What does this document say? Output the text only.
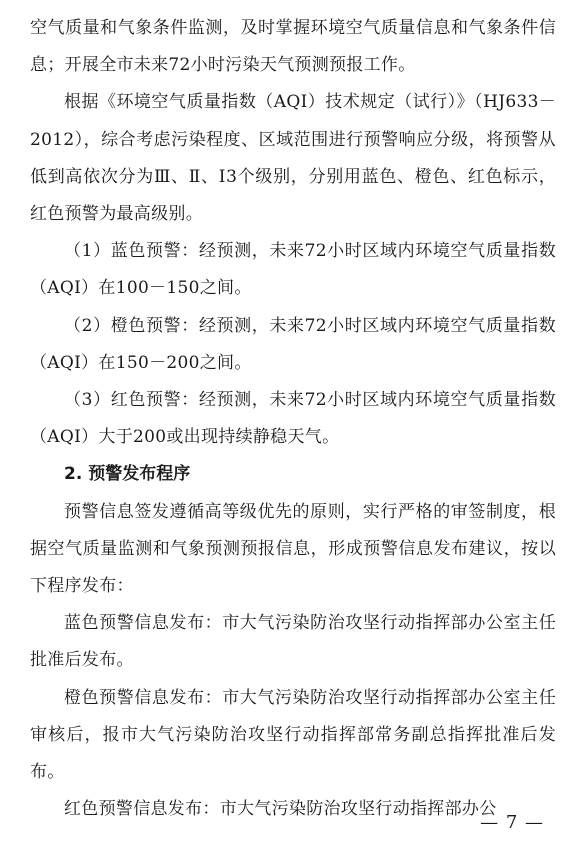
空气质量和气象条件监测，及时掌握环境空气质量信息和气象条件信息；开展全市未来72小时污染天气预测预报工作。

根据《环境空气质量指数（AQI）技术规定（试行）》（HJ633－2012），综合考虑污染程度、区域范围进行预警响应分级，将预警从低到高依次分为Ⅲ、Ⅱ、Ⅰ3个级别，分别用蓝色、橙色、红色标示，红色预警为最高级别。

（1）蓝色预警：经预测，未来72小时区域内环境空气质量指数（AQI）在100－150之间。

（2）橙色预警：经预测，未来72小时区域内环境空气质量指数（AQI）在150－200之间。

（3）红色预警：经预测，未来72小时区域内环境空气质量指数（AQI）大于200或出现持续静稳天气。

2. 预警发布程序

预警信息签发遵循高等级优先的原则，实行严格的审签制度，根据空气质量监测和气象预测预报信息，形成预警信息发布建议，按以下程序发布：

蓝色预警信息发布：市大气污染防治攻坚行动指挥部办公室主任批准后发布。

橙色预警信息发布：市大气污染防治攻坚行动指挥部办公室主任审核后，报市大气污染防治攻坚行动指挥部常务副总指挥批准后发布。

红色预警信息发布：市大气污染防治攻坚行动指挥部办公

— 7 —
